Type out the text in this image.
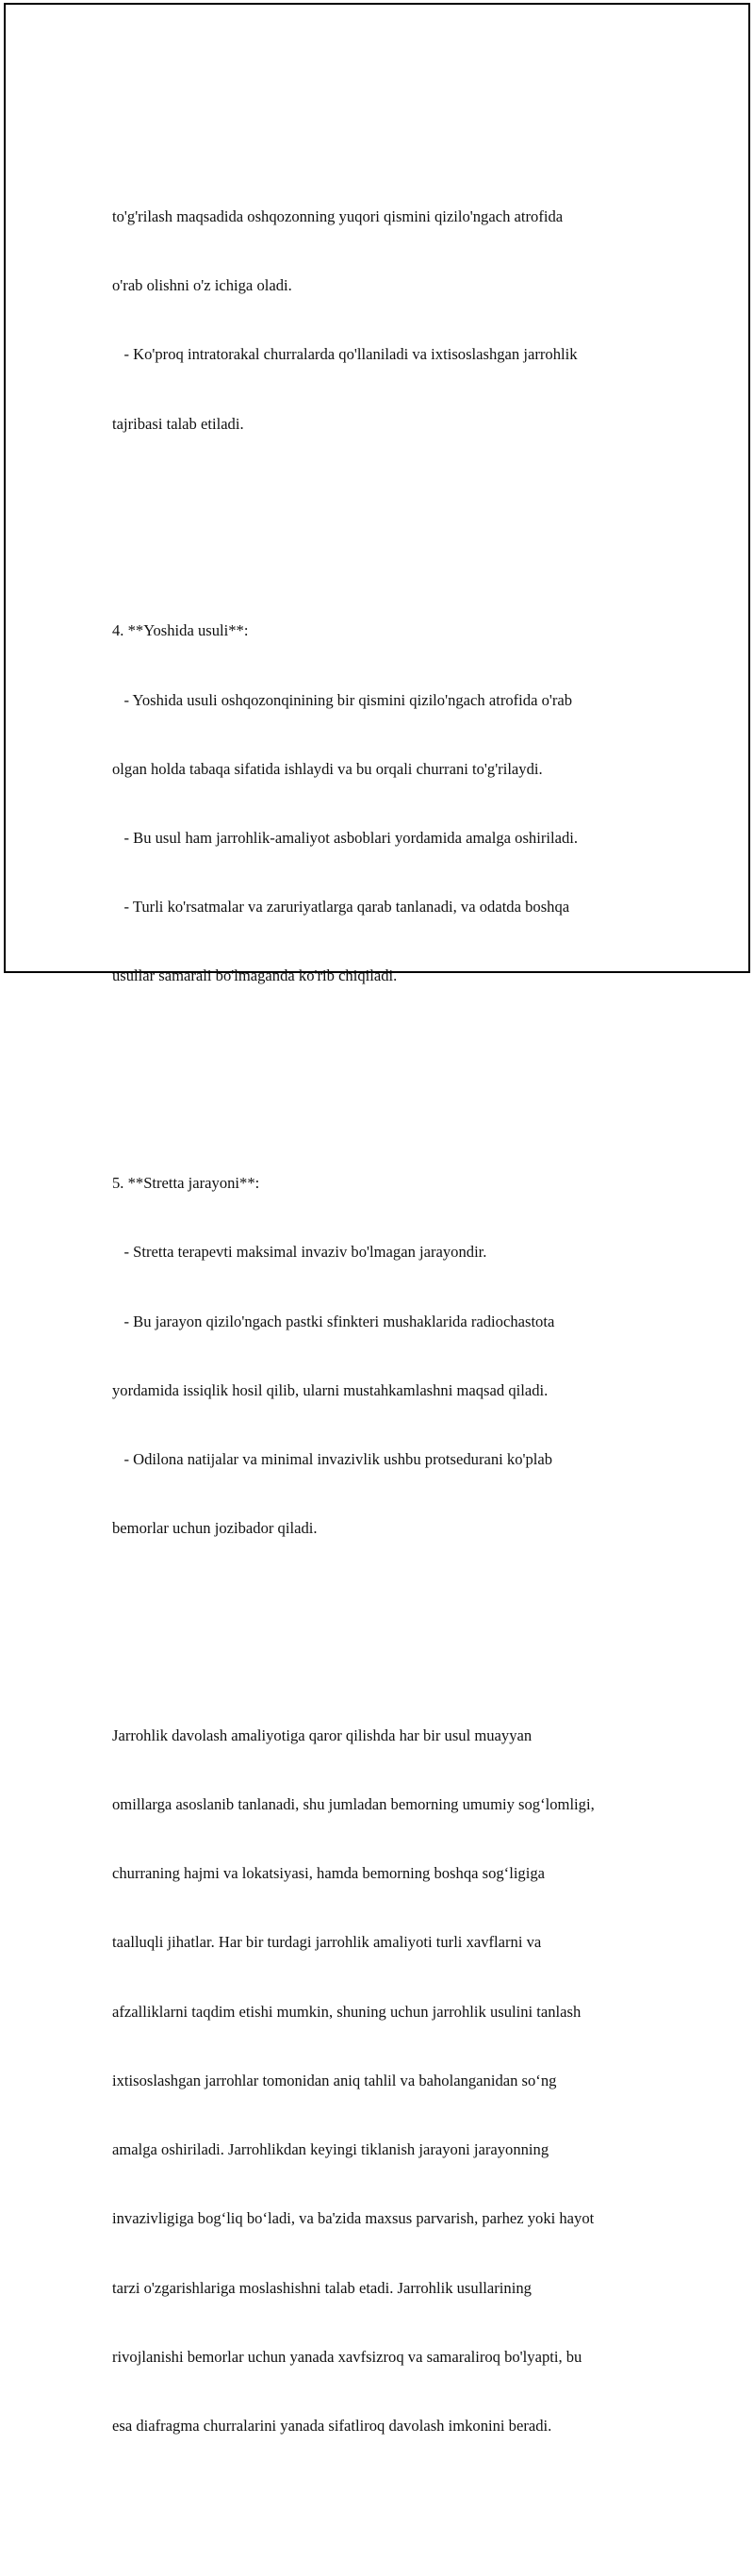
to'g'rilash maqsadida oshqozonning yuqori qismini qizilo'ngach atrofida

o'rab olishni o'z ichiga oladi.

- Ko'proq intratorakal churralarda qo'llaniladi va ixtisoslashgan jarrohlik

tajribasi talab etiladi.

4. **Yoshida usuli**:

- Yoshida usuli oshqozonqinining bir qismini qizilo'ngach atrofida o'rab

olgan holda tabaqa sifatida ishlaydi va bu orqali churrani to'g'rilaydi.

- Bu usul ham jarrohlik-amaliyot asboblari yordamida amalga oshiriladi.

- Turli ko'rsatmalar va zaruriyatlarga qarab tanlanadi, va odatda boshqa

usullar samarali bo'lmaganda ko'rib chiqiladi.

5. **Stretta jarayoni**:

- Stretta terapevti maksimal invaziv bo'lmagan jarayondir.

- Bu jarayon qizilo'ngach pastki sfinkteri mushaklarida radiochastota

yordamida issiqlik hosil qilib, ularni mustahkamlashni maqsad qiladi.

- Odilona natijalar va minimal invazivlik ushbu protsedurani ko'plab

bemorlar uchun jozibador qiladi.

Jarrohlik davolash amaliyotiga qaror qilishda har bir usul muayyan

omillarga asoslanib tanlanadi, shu jumladan bemorning umumiy sog‘lomligi,

churraning hajmi va lokatsiyasi, hamda bemorning boshqa sog‘ligiga

taalluqli jihatlar. Har bir turdagi jarrohlik amaliyoti turli xavflarni va

afzalliklarni taqdim etishi mumkin, shuning uchun jarrohlik usulini tanlash

ixtisoslashgan jarrohlar tomonidan aniq tahlil va baholanganidan so‘ng

amalga oshiriladi. Jarrohlikdan keyingi tiklanish jarayoni jarayonning

invazivligiga bog‘liq bo‘ladi, va ba'zida maxsus parvarish, parhez yoki hayot

tarzi o'zgarishlariga moslashishni talab etadi. Jarrohlik usullarining

rivojlanishi bemorlar uchun yanada xavfsizroq va samaraliroq bo'lyapti, bu

esa diafragma churralarini yanada sifatliroq davolash imkonini beradi.
